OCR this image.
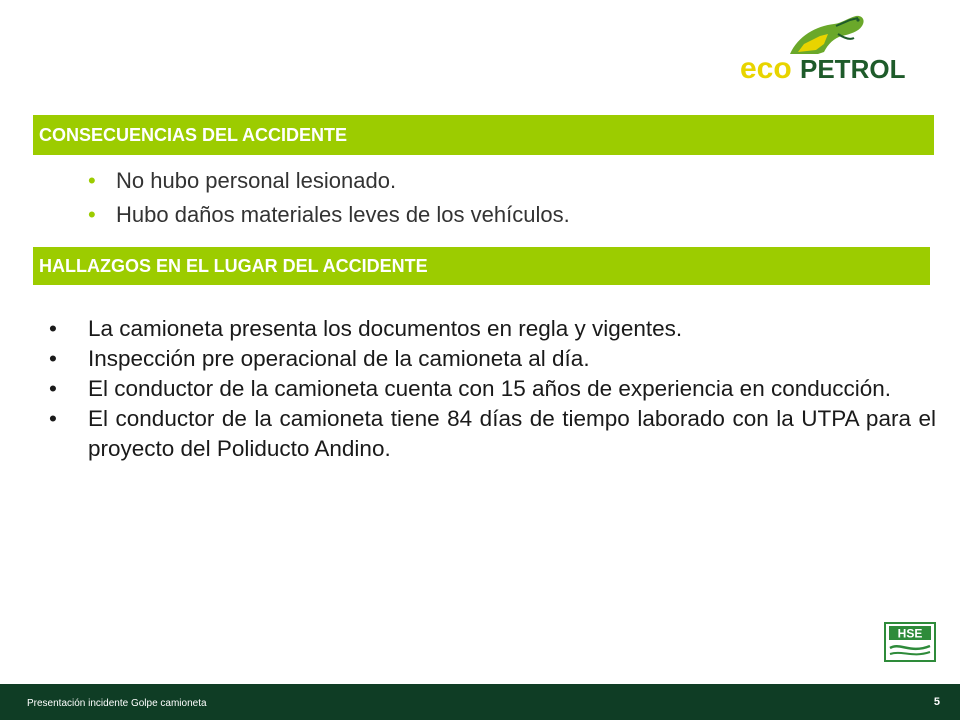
eco PETROL
CONSECUENCIAS DEL ACCIDENTE
• No hubo personal lesionado.
• Hubo daños materiales leves de los vehículos.
HALLAZGOS EN EL LUGAR DEL ACCIDENTE
• La camioneta presenta los documentos en regla y vigentes.
• Inspección pre operacional de la camioneta al día.
• El conductor de la camioneta cuenta con 15 años de experiencia en conducción.
• El conductor de la camioneta tiene 84 días de tiempo laborado con la UTPA para el proyecto del Poliducto Andino.
HSE
Presentación incidente Golpe camioneta	5
